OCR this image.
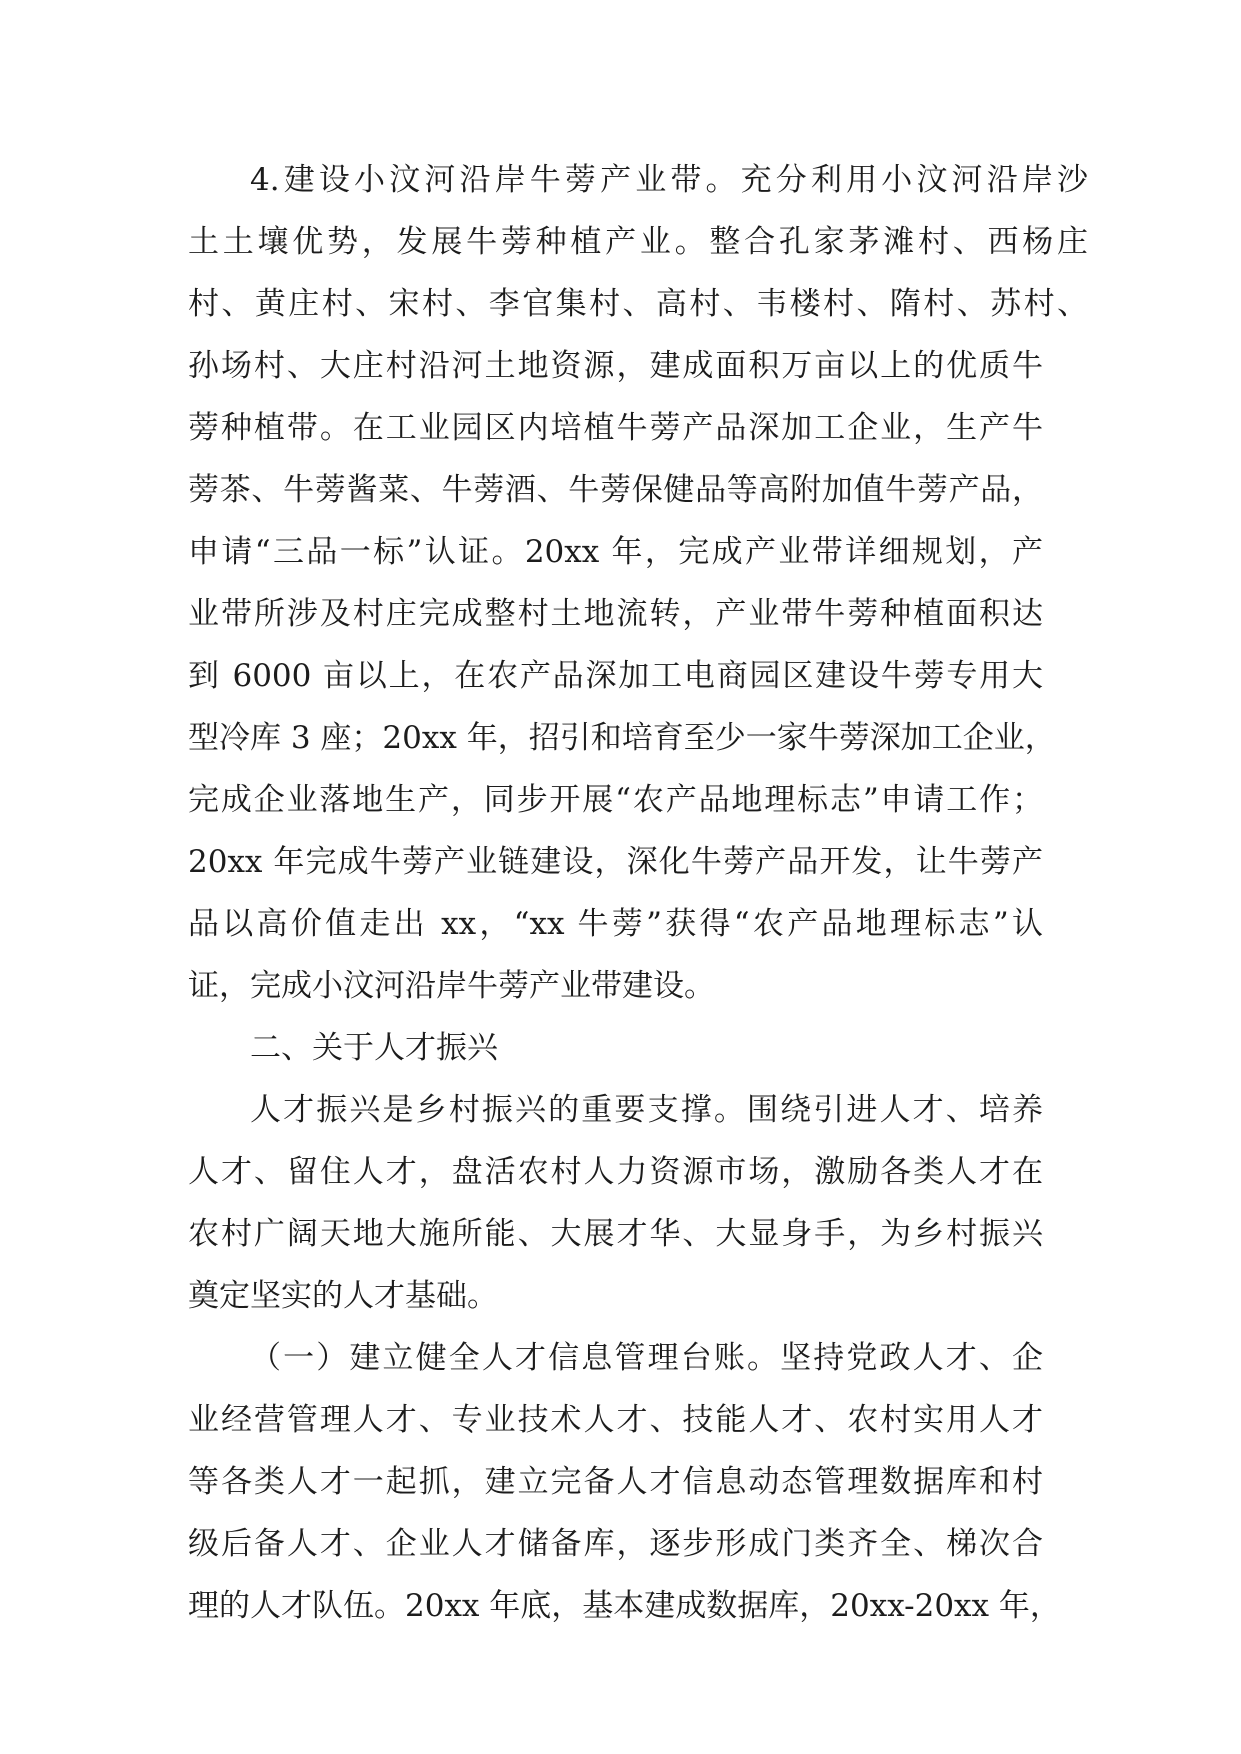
4.建设小汶河沿岸牛蒡产业带。充分利用小汶河沿岸沙
土土壤优势，发展牛蒡种植产业。整合孔家茅滩村、西杨庄
村、黄庄村、宋村、李官集村、高村、韦楼村、隋村、苏村、
孙场村、大庄村沿河土地资源，建成面积万亩以上的优质牛
蒡种植带。在工业园区内培植牛蒡产品深加工企业，生产牛
蒡茶、牛蒡酱菜、牛蒡酒、牛蒡保健品等高附加值牛蒡产品，
申请“三品一标”认证。20xx 年，完成产业带详细规划，产
业带所涉及村庄完成整村土地流转，产业带牛蒡种植面积达
到 6000 亩以上，在农产品深加工电商园区建设牛蒡专用大
型冷库 3 座；20xx 年，招引和培育至少一家牛蒡深加工企业，
完成企业落地生产，同步开展“农产品地理标志”申请工作；
20xx 年完成牛蒡产业链建设，深化牛蒡产品开发，让牛蒡产
品以高价值走出 xx，“xx 牛蒡”获得“农产品地理标志”认
证，完成小汶河沿岸牛蒡产业带建设。
二、关于人才振兴
人才振兴是乡村振兴的重要支撑。围绕引进人才、培养
人才、留住人才，盘活农村人力资源市场，激励各类人才在
农村广阔天地大施所能、大展才华、大显身手，为乡村振兴
奠定坚实的人才基础。
（一）建立健全人才信息管理台账。坚持党政人才、企
业经营管理人才、专业技术人才、技能人才、农村实用人才
等各类人才一起抓，建立完备人才信息动态管理数据库和村
级后备人才、企业人才储备库，逐步形成门类齐全、梯次合
理的人才队伍。20xx 年底，基本建成数据库，20xx-20xx 年，
